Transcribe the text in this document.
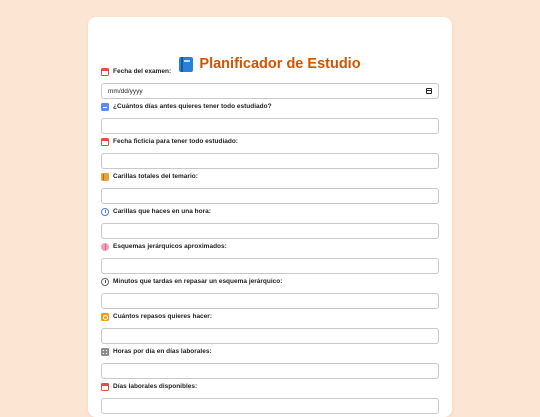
Planificador de Estudio
Fecha del examen:
mm/dd/yyyy
¿Cuántos días antes quieres tener todo estudiado?
Fecha ficticia para tener todo estudiado:
Carillas totales del temario:
Carillas que haces en una hora:
Esquemas jerárquicos aproximados:
Minutos que tardas en repasar un esquema jerárquico:
Cuántos repasos quieres hacer:
Horas por día en días laborales:
Días laborales disponibles:
